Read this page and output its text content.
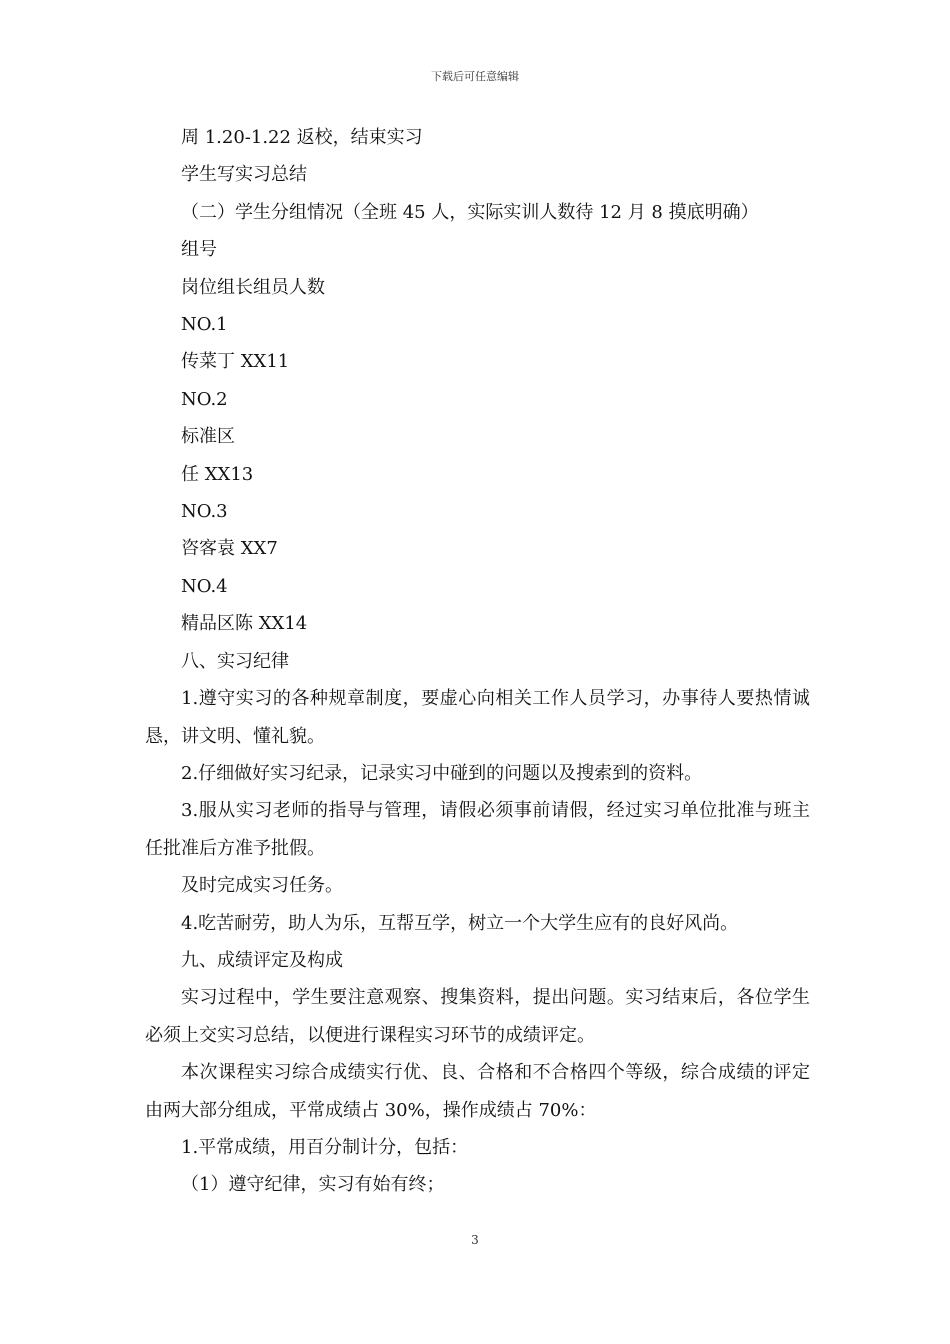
下载后可任意编辑
周 1.20-1.22 返校，结束实习
学生写实习总结
（二）学生分组情况（全班 45 人，实际实训人数待 12 月 8 摸底明确）
组号
岗位组长组员人数
NO.1
传菜丁 XX11
NO.2
标准区
任 XX13
NO.3
咨客袁 XX7
NO.4
精品区陈 XX14
八、实习纪律
1.遵守实习的各种规章制度，要虚心向相关工作人员学习，办事待人要热情诚恳，讲文明、懂礼貌。
2.仔细做好实习纪录，记录实习中碰到的问题以及搜索到的资料。
3.服从实习老师的指导与管理，请假必须事前请假，经过实习单位批准与班主任批准后方准予批假。
及时完成实习任务。
4.吃苦耐劳，助人为乐，互帮互学，树立一个大学生应有的良好风尚。
九、成绩评定及构成
实习过程中，学生要注意观察、搜集资料，提出问题。实习结束后，各位学生必须上交实习总结，以便进行课程实习环节的成绩评定。
本次课程实习综合成绩实行优、良、合格和不合格四个等级，综合成绩的评定由两大部分组成，平常成绩占 30%，操作成绩占 70%：
1.平常成绩，用百分制计分，包括：
（1）遵守纪律，实习有始有终；
3
